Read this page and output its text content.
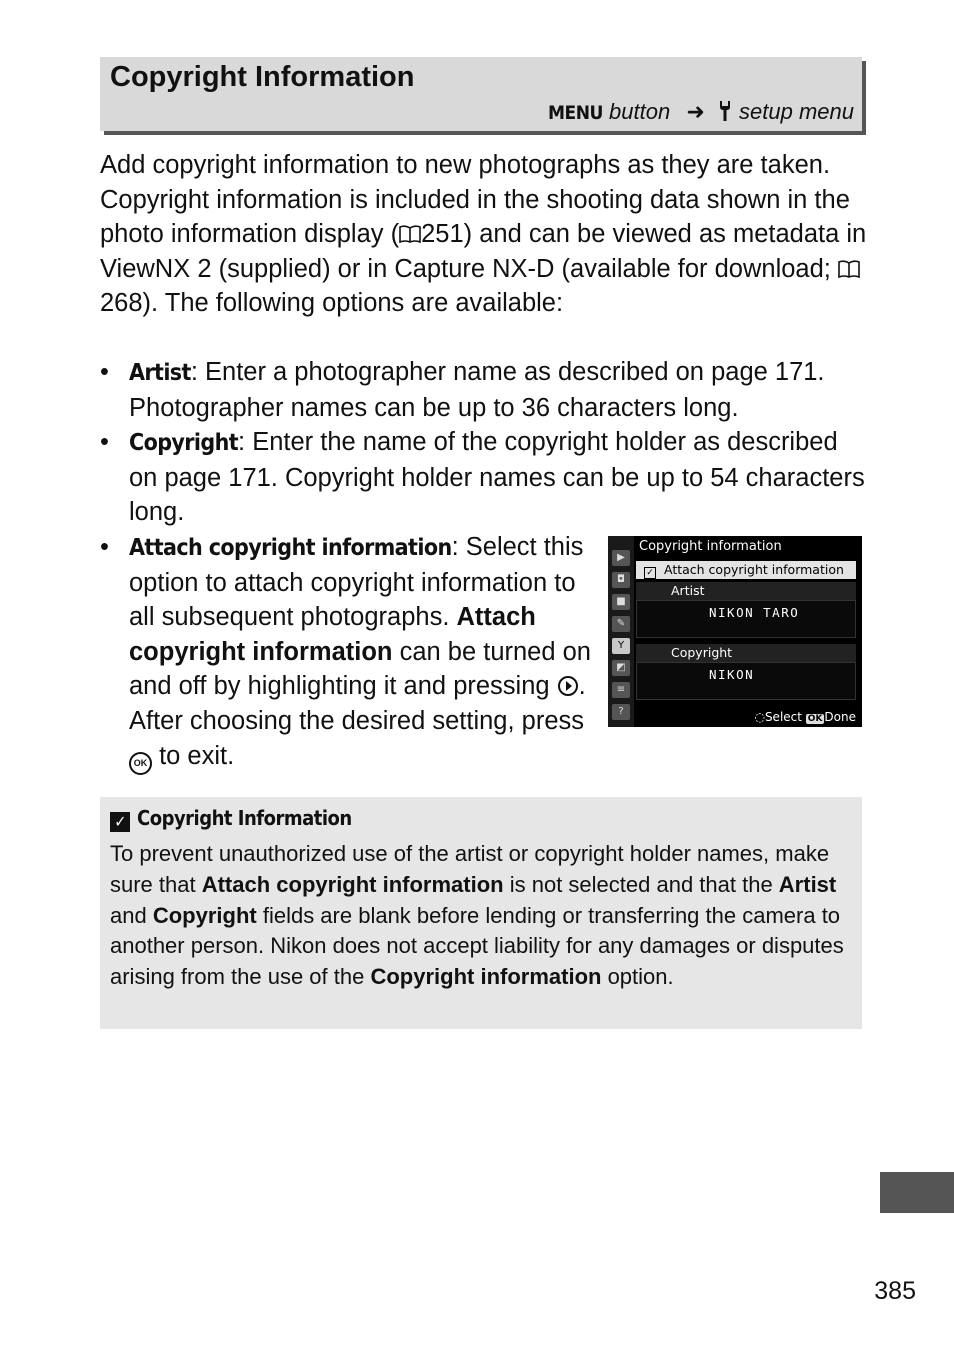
Copyright Information
MENU button ➜ setup menu

Add copyright information to new photographs as they are taken. Copyright information is included in the shooting data shown in the photo information display ( 251) and can be viewed as metadata in ViewNX 2 (supplied) or in Capture NX-D (available for download; 268). The following options are available:

• Artist: Enter a photographer name as described on page 171. Photographer names can be up to 36 characters long.
• Copyright: Enter the name of the copyright holder as described on page 171. Copyright holder names can be up to 54 characters long.
• Attach copyright information: Select this option to attach copyright information to all subsequent photographs. Attach copyright information can be turned on and off by highlighting it and pressing . After choosing the desired setting, press OK to exit.
▶
◘
■
✎
Y
◩
≡
?
Copyright information
✓ Attach copyright information
Artist
NIKON TARO
Copyright
NIKON
◌Select OK Done
✓ Copyright Information

To prevent unauthorized use of the artist or copyright holder names, make sure that Attach copyright information is not selected and that the Artist and Copyright fields are blank before lending or transferring the camera to another person. Nikon does not accept liability for any damages or disputes arising from the use of the Copyright information option.

385
